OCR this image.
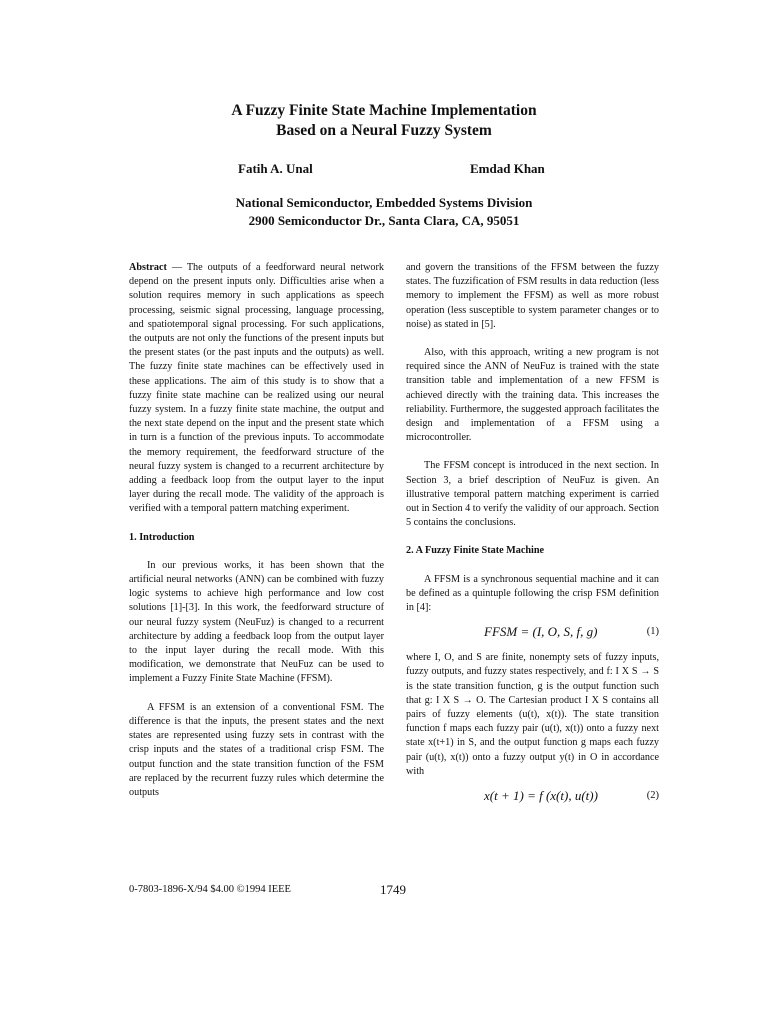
A Fuzzy Finite State Machine Implementation
Based on a Neural Fuzzy System
Fatih A. Unal	Emdad Khan
National Semiconductor, Embedded Systems Division
2900 Semiconductor Dr., Santa Clara, CA, 95051

Abstract — The outputs of a feedforward neural network depend on the present inputs only. Difficulties arise when a solution requires memory in such applications as speech processing, seismic signal processing, language processing, and spatiotemporal signal processing. For such applications, the outputs are not only the functions of the present inputs but the present states (or the past inputs and the outputs) as well. The fuzzy finite state machines can be effectively used in these applications. The aim of this study is to show that a fuzzy finite state machine can be realized using our neural fuzzy system. In a fuzzy finite state machine, the output and the next state depend on the input and the present state which in turn is a function of the previous inputs. To accommodate the memory requirement, the feedforward structure of the neural fuzzy system is changed to a recurrent architecture by adding a feedback loop from the output layer to the input layer during the recall mode. The validity of the approach is verified with a temporal pattern matching experiment.

1. Introduction

In our previous works, it has been shown that the artificial neural networks (ANN) can be combined with fuzzy logic systems to achieve high performance and low cost solutions [1]-[3]. In this work, the feedforward structure of our neural fuzzy system (NeuFuz) is changed to a recurrent architecture by adding a feedback loop from the output layer to the input layer during the recall mode. With this modification, we demonstrate that NeuFuz can be used to implement a Fuzzy Finite State Machine (FFSM).

A FFSM is an extension of a conventional FSM. The difference is that the inputs, the present states and the next states are represented using fuzzy sets in contrast with the crisp inputs and the states of a traditional crisp FSM. The output function and the state transition function of the FSM are replaced by the recurrent fuzzy rules which determine the outputs

and govern the transitions of the FFSM between the fuzzy states. The fuzzification of FSM results in data reduction (less memory to implement the FFSM) as well as more robust operation (less susceptible to system parameter changes or to noise) as stated in [5].

Also, with this approach, writing a new program is not required since the ANN of NeuFuz is trained with the state transition table and implementation of a new FFSM is achieved directly with the training data. This increases the reliability. Furthermore, the suggested approach facilitates the design and implementation of a FFSM using a microcontroller.

The FFSM concept is introduced in the next section. In Section 3, a brief description of NeuFuz is given. An illustrative temporal pattern matching experiment is carried out in Section 4 to verify the validity of our approach. Section 5 contains the conclusions.

2. A Fuzzy Finite State Machine

A FFSM is a synchronous sequential machine and it can be defined as a quintuple following the crisp FSM definition in [4]:

FFSM = (I, O, S, f, g)	(1)

where I, O, and S are finite, nonempty sets of fuzzy inputs, fuzzy outputs, and fuzzy states respectively, and f: I X S → S is the state transition function, g is the output function such that g: I X S → O. The Cartesian product I X S contains all pairs of fuzzy elements (u(t), x(t)). The state transition function f maps each fuzzy pair (u(t), x(t)) onto a fuzzy next state x(t+1) in S, and the output function g maps each fuzzy pair (u(t), x(t)) onto a fuzzy output y(t) in O in accordance with

x(t + 1) = f (x(t), u(t))	(2)
0-7803-1896-X/94 $4.00 ©1994 IEEE	1749
